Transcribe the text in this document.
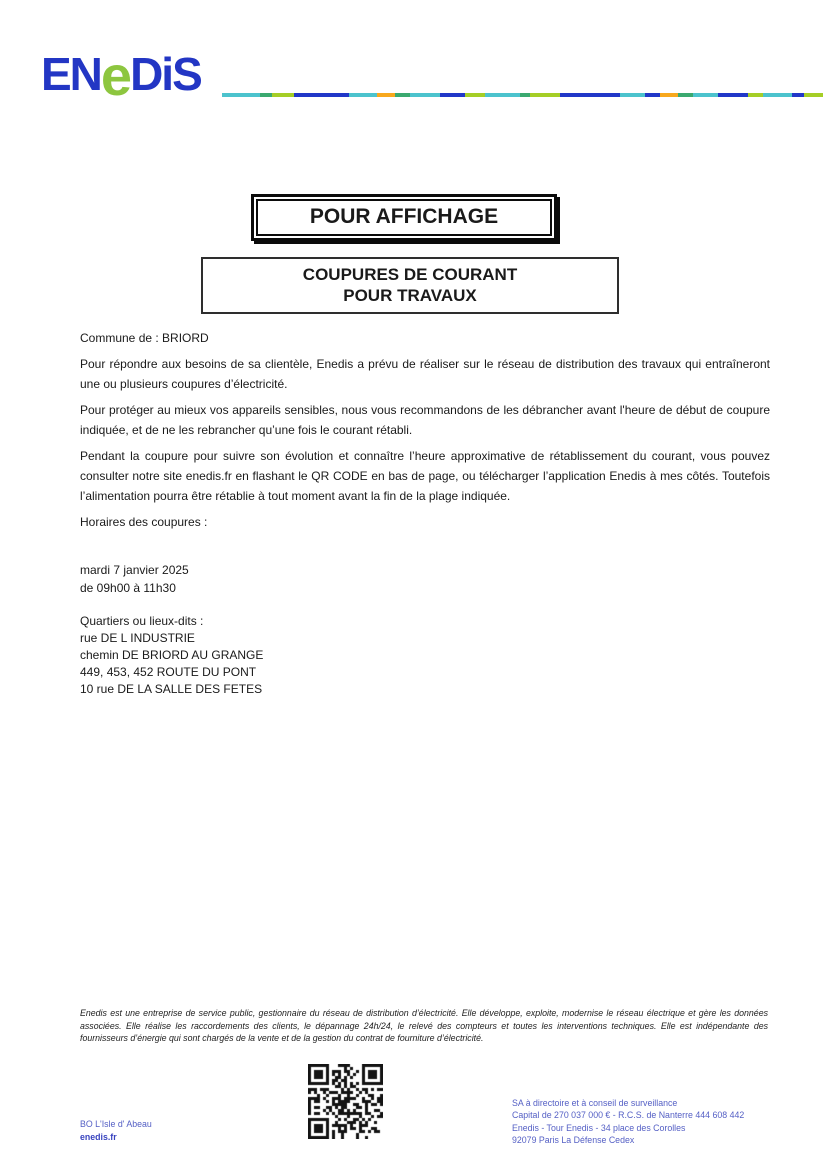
ENeDiS
POUR AFFICHAGE
COUPURES DE COURANT
POUR TRAVAUX

Commune de : BRIORD

Pour répondre aux besoins de sa clientèle, Enedis a prévu de réaliser sur le réseau de distribution des travaux qui entraîneront une ou plusieurs coupures d’électricité.

Pour protéger au mieux vos appareils sensibles, nous vous recommandons de les débrancher avant l'heure de début de coupure indiquée, et de ne les rebrancher qu’une fois le courant rétabli.

Pendant la coupure pour suivre son évolution et connaître l’heure approximative de rétablissement du courant, vous pouvez consulter notre site enedis.fr en flashant le QR CODE en bas de page, ou télécharger l’application Enedis à mes côtés. Toutefois l’alimentation pourra être rétablie à tout moment avant la fin de la plage indiquée.

Horaires des coupures :

mardi 7 janvier 2025
de 09h00 à 11h30
Quartiers ou lieux-dits :
rue DE L INDUSTRIE
chemin DE BRIORD AU GRANGE
449, 453, 452 ROUTE DU PONT
10 rue DE LA SALLE DES FETES
Enedis est une entreprise de service public, gestionnaire du réseau de distribution d’électricité. Elle développe, exploite, modernise le réseau électrique et gère les données associées. Elle réalise les raccordements des clients, le dépannage 24h/24, le relevé des compteurs et toutes les interventions techniques. Elle est indépendante des fournisseurs d’énergie qui sont chargés de la vente et de la gestion du contrat de fourniture d’électricité.
BO L'Isle d' Abeau
enedis.fr
SA à directoire et à conseil de surveillance
Capital de 270 037 000 € - R.C.S. de Nanterre 444 608 442
Enedis - Tour Enedis - 34 place des Corolles
92079 Paris La Défense Cedex
